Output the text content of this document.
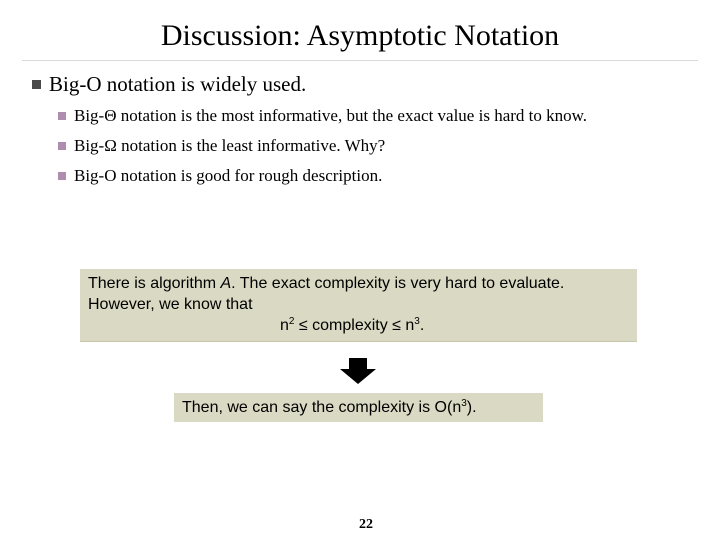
Discussion: Asymptotic Notation
Big-O notation is widely used.
Big-Θ notation is the most informative, but the exact value is hard to know.
Big-Ω notation is the least informative. Why?
Big-O notation is good for rough description.
There is algorithm A. The exact complexity is very hard to evaluate.
However, we know that
$n^2$ ≤ complexity ≤ $n^3$.
Then, we can say the complexity is $O(n^3)$.
22
